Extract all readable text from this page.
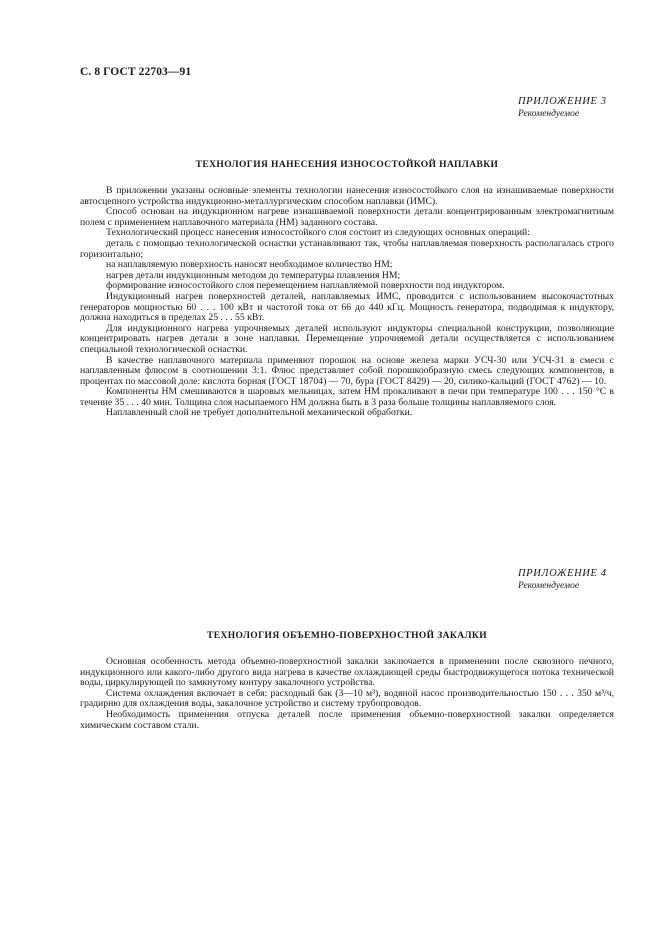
С. 8 ГОСТ 22703—91
ПРИЛОЖЕНИЕ 3
Рекомендуемое
ТЕХНОЛОГИЯ НАНЕСЕНИЯ ИЗНОСОСТОЙКОЙ НАПЛАВКИ

В приложении указаны основные элементы технологии нанесения износостойкого слоя на изнашиваемые поверхности автосцепного устройства индукционно-металлургическим способом наплавки (ИМС).

Способ основан на индукционном нагреве изнашиваемой поверхности детали концентрированным электромагнитным полем с применением наплавочного материала (НМ) заданного состава.

Технологический процесс нанесения износостойкого слоя состоит из следующих основных операций:

деталь с помощью технологической оснастки устанавливают так, чтобы наплавляемая поверхность располагалась строго горизонтально;

на наплавляемую поверхность наносят необходимое количество НМ;

нагрев детали индукционным методом до температуры плавления НМ;

формирование износостойкого слоя перемещением наплавляемой поверхности под индуктором.

Индукционный нагрев поверхностей деталей, наплавляемых ИМС, проводится с использованием высокочастотных генераторов мощностью 60 . . . 100 кВт и частотой тока от 66 до 440 кГц. Мощность генератора, подводимая к индуктору, должна находиться в пределах 25 . . . 55 кВт.

Для индукционного нагрева упрочняемых деталей используют индукторы специальной конструкции, позволяющие концентрировать нагрев детали в зоне наплавки. Перемещение упрочняемой детали осуществляется с использованием специальной технологической оснастки.

В качестве наплавочного материала применяют порошок на основе железа марки УСЧ-30 или УСЧ-31 в смеси с наплавленным флюсом в соотношении 3:1. Флюс представляет собой порошкообразную смесь следующих компонентов, в процентах по массовой доле: кислота борная (ГОСТ 18704) — 70, бура (ГОСТ 8429) — 20, силико-кальций (ГОСТ 4762) — 10.

Компоненты НМ смешиваются в шаровых мельницах, затем НМ прокаливают в печи при температуре 100 . . . 150 °С в течение 35 . . . 40 мин. Толщина слоя насыпаемого НМ должна быть в 3 раза больше толщины наплавляемого слоя.

Наплавленный слой не требует дополнительной механической обработки.

ПРИЛОЖЕНИЕ 4
Рекомендуемое
ТЕХНОЛОГИЯ ОБЪЕМНО-ПОВЕРХНОСТНОЙ ЗАКАЛКИ

Основная особенность метода объемно-поверхностной закалки заключается в применении после сквозного печного, индукционного или какого-либо другого вида нагрева в качестве охлаждающей среды быстродвижущегося потока технической воды, циркулирующей по замкнутому контуру закалочного устройства.

Система охлаждения включает в себя: расходный бак (3—10 м³), водяной насос производительностью 150 . . . 350 м³/ч, градирню для охлаждения воды, закалочное устройство и систему трубопроводов.

Необходимость применения отпуска деталей после применения объемно-поверхностной закалки определяется химическим составом стали.
